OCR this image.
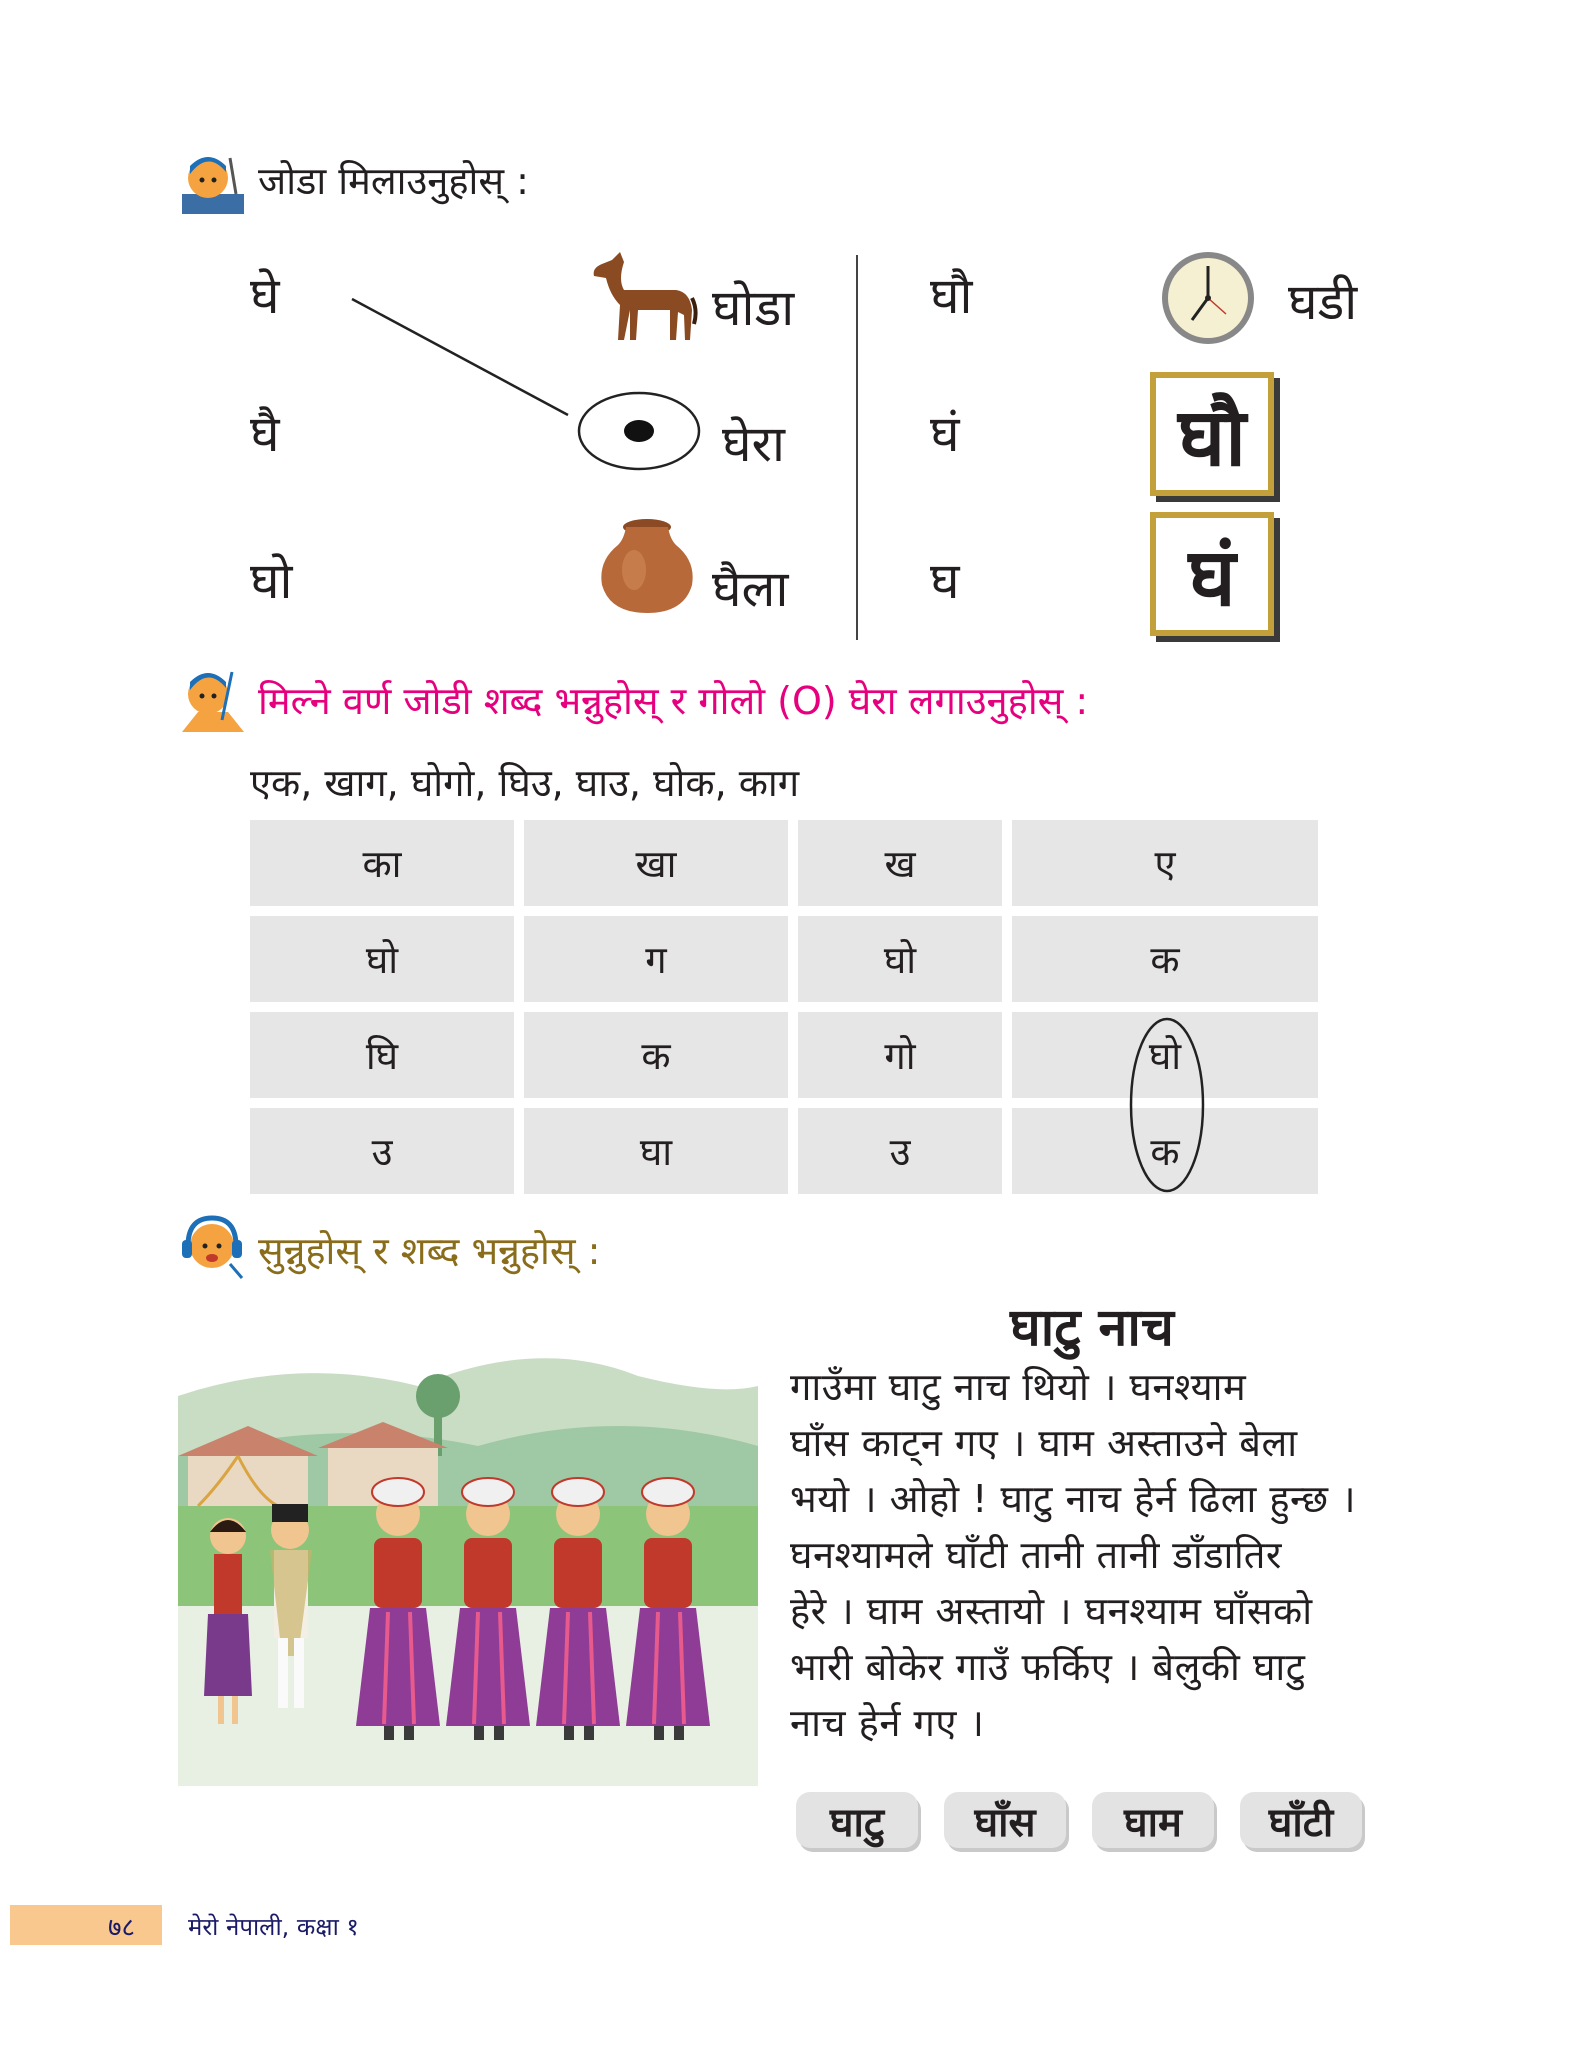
जोडा मिलाउनुहोस् :
घे
घै
घो
घोडा
घेरा
घैला
घौ
घं
घ
घडी
घौ
घं
मिल्ने वर्ण जोडी शब्द भन्नुहोस् र गोलो (O) घेरा लगाउनुहोस् :
एक, खाग, घोगो, घिउ, घाउ, घोक, काग
का	खा	ख	ए
घो	ग	घो	क
घि	क	गो	घो
उ	घा	उ	क
सुन्नुहोस् र शब्द भन्नुहोस् :
घाटु नाच
गाउँमा घाटु नाच थियो । घनश्याम
घाँस काट्न गए । घाम अस्ताउने बेला
भयो । ओहो ! घाटु नाच हेर्न ढिला हुन्छ ।
घनश्यामले घाँटी तानी तानी डाँडातिर
हेरे । घाम अस्तायो । घनश्याम घाँसको
भारी बोकेर गाउँ फर्किए । बेलुकी घाटु
नाच हेर्न गए ।
घाटु	घाँस	घाम	घाँटी
७८ मेरो नेपाली, कक्षा १
